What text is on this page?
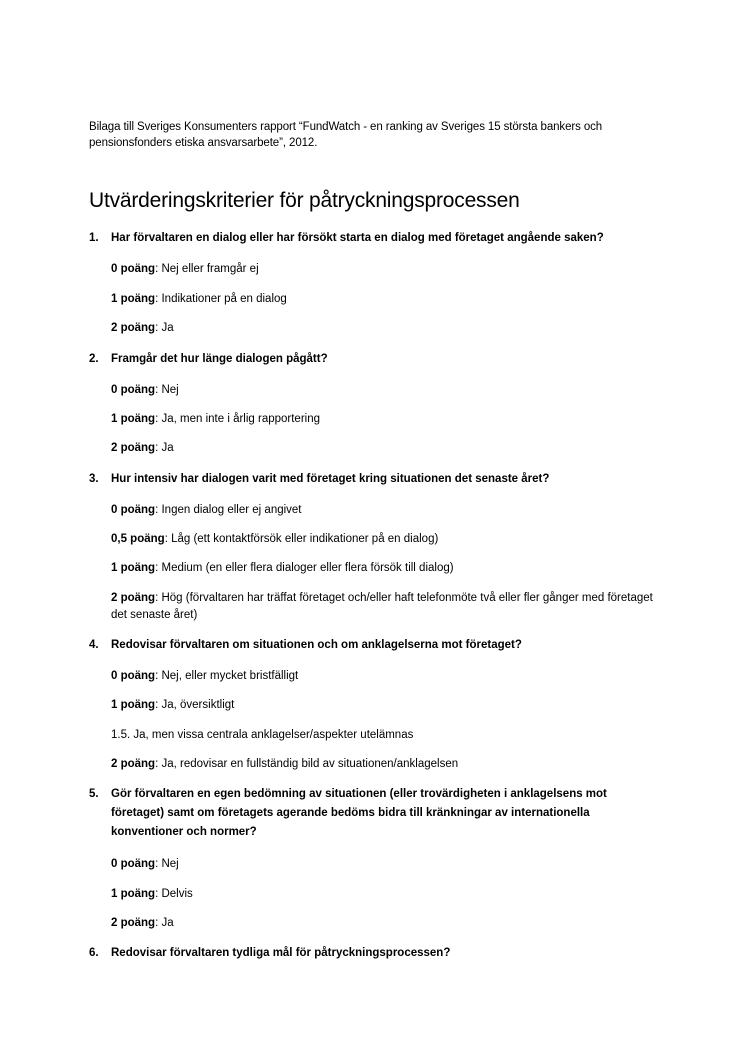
Bilaga till Sveriges Konsumenters rapport “FundWatch - en ranking av Sveriges 15 största bankers och pensionsfonders etiska ansvarsarbete”, 2012.
Utvärderingskriterier för påtryckningsprocessen
1.	Har förvaltaren en dialog eller har försökt starta en dialog med företaget angående saken?
0 poäng: Nej eller framgår ej
1 poäng: Indikationer på en dialog
2 poäng: Ja
2.	Framgår det hur länge dialogen pågått?
0 poäng: Nej
1 poäng: Ja, men inte i årlig rapportering
2 poäng: Ja
3.	Hur intensiv har dialogen varit med företaget kring situationen det senaste året?
0 poäng: Ingen dialog eller ej angivet
0,5 poäng: Låg (ett kontaktförsök eller indikationer på en dialog)
1 poäng: Medium (en eller flera dialoger eller flera försök till dialog)
2 poäng: Hög (förvaltaren har träffat företaget och/eller haft telefonmöte två eller fler gånger med företaget det senaste året)
4.	Redovisar förvaltaren om situationen och om anklagelserna mot företaget?
0 poäng: Nej, eller mycket bristfälligt
1 poäng: Ja, översiktligt
1.5. Ja, men vissa centrala anklagelser/aspekter utelämnas
2 poäng: Ja, redovisar en fullständig bild av situationen/anklagelsen
5.	Gör förvaltaren en egen bedömning av situationen (eller trovärdigheten i anklagelsens mot företaget) samt om företagets agerande bedöms bidra till kränkningar av internationella konventioner och normer?
0 poäng: Nej
1 poäng: Delvis
2 poäng: Ja
6.	Redovisar förvaltaren tydliga mål för påtryckningsprocessen?
